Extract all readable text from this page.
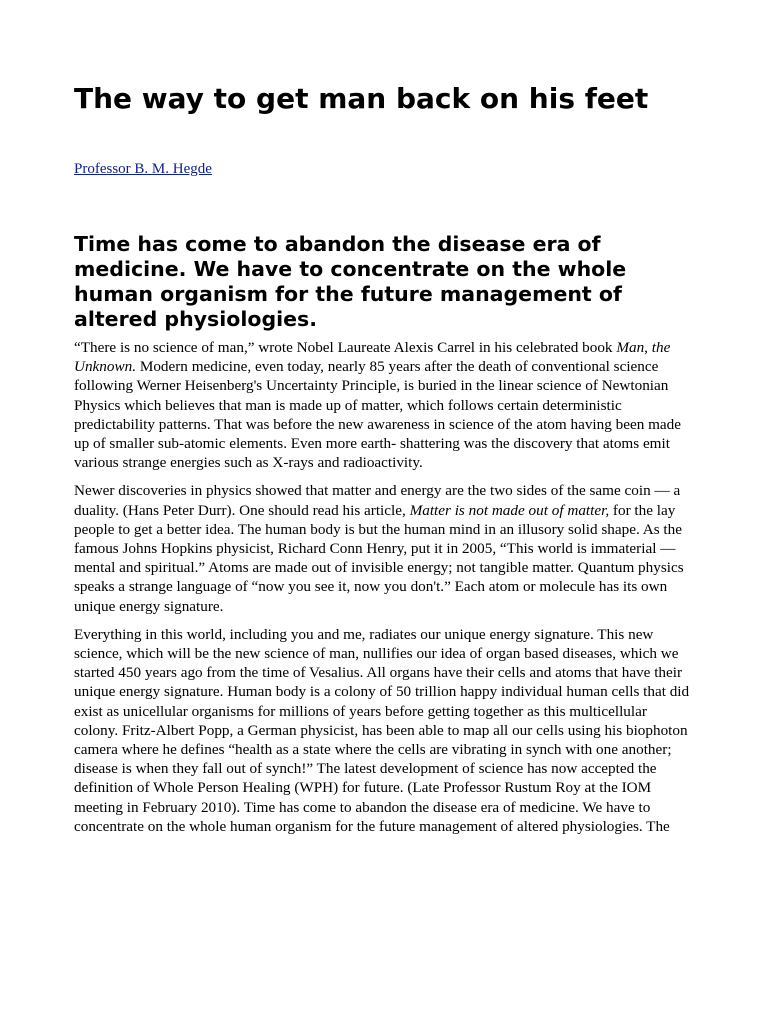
The way to get man back on his feet
Professor B. M. Hegde
Time has come to abandon the disease era of medicine. We have to concentrate on the whole human organism for the future management of altered physiologies.

“There is no science of man,” wrote Nobel Laureate Alexis Carrel in his celebrated book Man, the Unknown. Modern medicine, even today, nearly 85 years after the death of conventional science following Werner Heisenberg's Uncertainty Principle, is buried in the linear science of Newtonian Physics which believes that man is made up of matter, which follows certain deterministic predictability patterns. That was before the new awareness in science of the atom having been made up of smaller sub-atomic elements. Even more earth- shattering was the discovery that atoms emit various strange energies such as X-rays and radioactivity.

Newer discoveries in physics showed that matter and energy are the two sides of the same coin — a duality. (Hans Peter Durr). One should read his article, Matter is not made out of matter, for the lay people to get a better idea. The human body is but the human mind in an illusory solid shape. As the famous Johns Hopkins physicist, Richard Conn Henry, put it in 2005, “This world is immaterial — mental and spiritual.” Atoms are made out of invisible energy; not tangible matter. Quantum physics speaks a strange language of “now you see it, now you don't.” Each atom or molecule has its own unique energy signature.

Everything in this world, including you and me, radiates our unique energy signature. This new science, which will be the new science of man, nullifies our idea of organ based diseases, which we started 450 years ago from the time of Vesalius. All organs have their cells and atoms that have their unique energy signature. Human body is a colony of 50 trillion happy individual human cells that did exist as unicellular organisms for millions of years before getting together as this multicellular colony. Fritz-Albert Popp, a German physicist, has been able to map all our cells using his biophoton camera where he defines “health as a state where the cells are vibrating in synch with one another; disease is when they fall out of synch!” The latest development of science has now accepted the definition of Whole Person Healing (WPH) for future. (Late Professor Rustum Roy at the IOM meeting in February 2010). Time has come to abandon the disease era of medicine. We have to concentrate on the whole human organism for the future management of altered physiologies. The
